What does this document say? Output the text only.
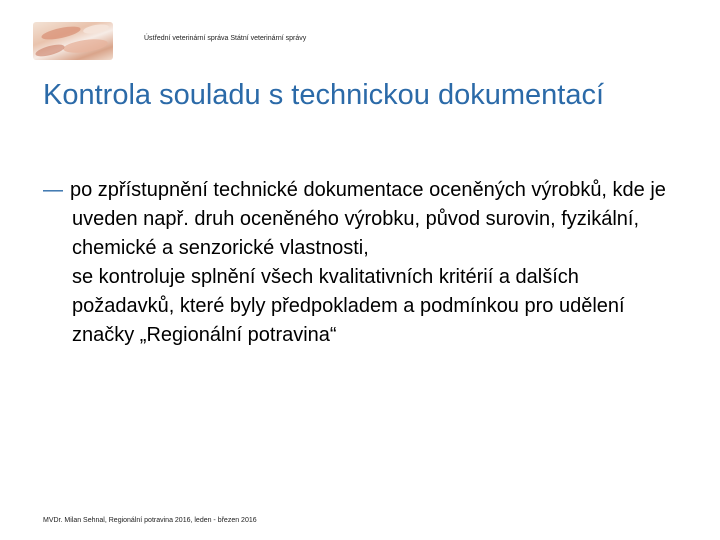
Ústřední veterinární správa Státní veterinární správy
Kontrola souladu s technickou dokumentací
— po zpřístupnění technické dokumentace oceněných výrobků, kde je uveden např. druh oceněného výrobku, původ surovin, fyzikální, chemické a senzorické vlastnosti,
se kontroluje splnění všech kvalitativních kritérií a dalších požadavků, které byly předpokladem a podmínkou pro udělení značky „Regionální potravina“
MVDr. Milan Sehnal, Regionální potravina 2016, leden - březen 2016
